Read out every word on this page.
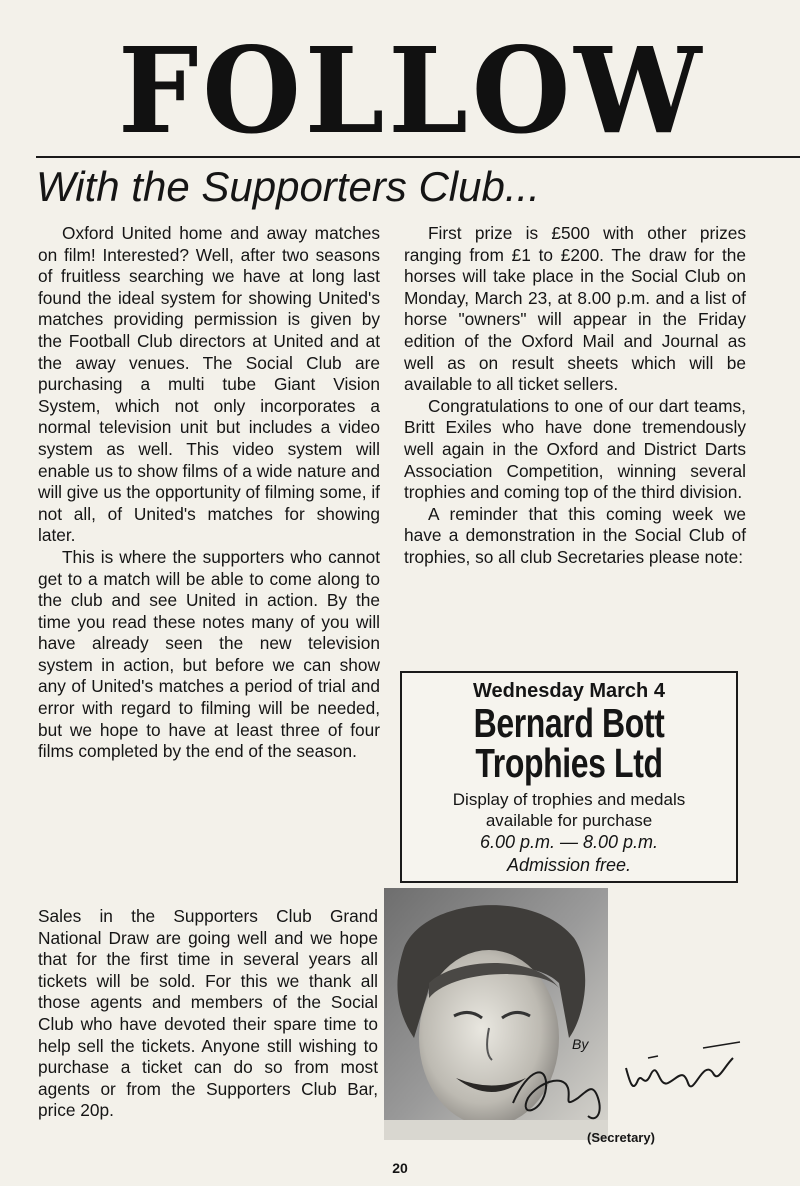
FOLLOW
With the Supporters Club...

Oxford United home and away matches on film! Interested? Well, after two seasons of fruitless searching we have at long last found the ideal system for showing United's matches providing permission is given by the Football Club directors at United and at the away venues. The Social Club are purchasing a multi tube Giant Vision System, which not only incorporates a normal television unit but includes a video system as well. This video system will enable us to show films of a wide nature and will give us the opportunity of filming some, if not all, of United's matches for showing later.

This is where the supporters who cannot get to a match will be able to come along to the club and see United in action. By the time you read these notes many of you will have already seen the new television system in action, but before we can show any of United's matches a period of trial and error with regard to filming will be needed, but we hope to have at least three of four films completed by the end of the season.

Sales in the Supporters Club Grand National Draw are going well and we hope that for the first time in several years all tickets will be sold. For this we thank all those agents and members of the Social Club who have devoted their spare time to help sell the tickets. Anyone still wishing to purchase a ticket can do so from most agents or from the Supporters Club Bar, price 20p.

First prize is £500 with other prizes ranging from £1 to £200. The draw for the horses will take place in the Social Club on Monday, March 23, at 8.00 p.m. and a list of horse "owners" will appear in the Friday edition of the Oxford Mail and Journal as well as on result sheets which will be available to all ticket sellers.

Congratulations to one of our dart teams, Britt Exiles who have done tremendously well again in the Oxford and District Darts Association Competition, winning several trophies and coming top of the third division.

A reminder that this coming week we have a demonstration in the Social Club of trophies, so all club Secretaries please note:

Wednesday March 4
Bernard Bott
Trophies Ltd
Display of trophies and medals
available for purchase
6.00 p.m. — 8.00 p.m.
Admission free.
By
(Secretary)
20
